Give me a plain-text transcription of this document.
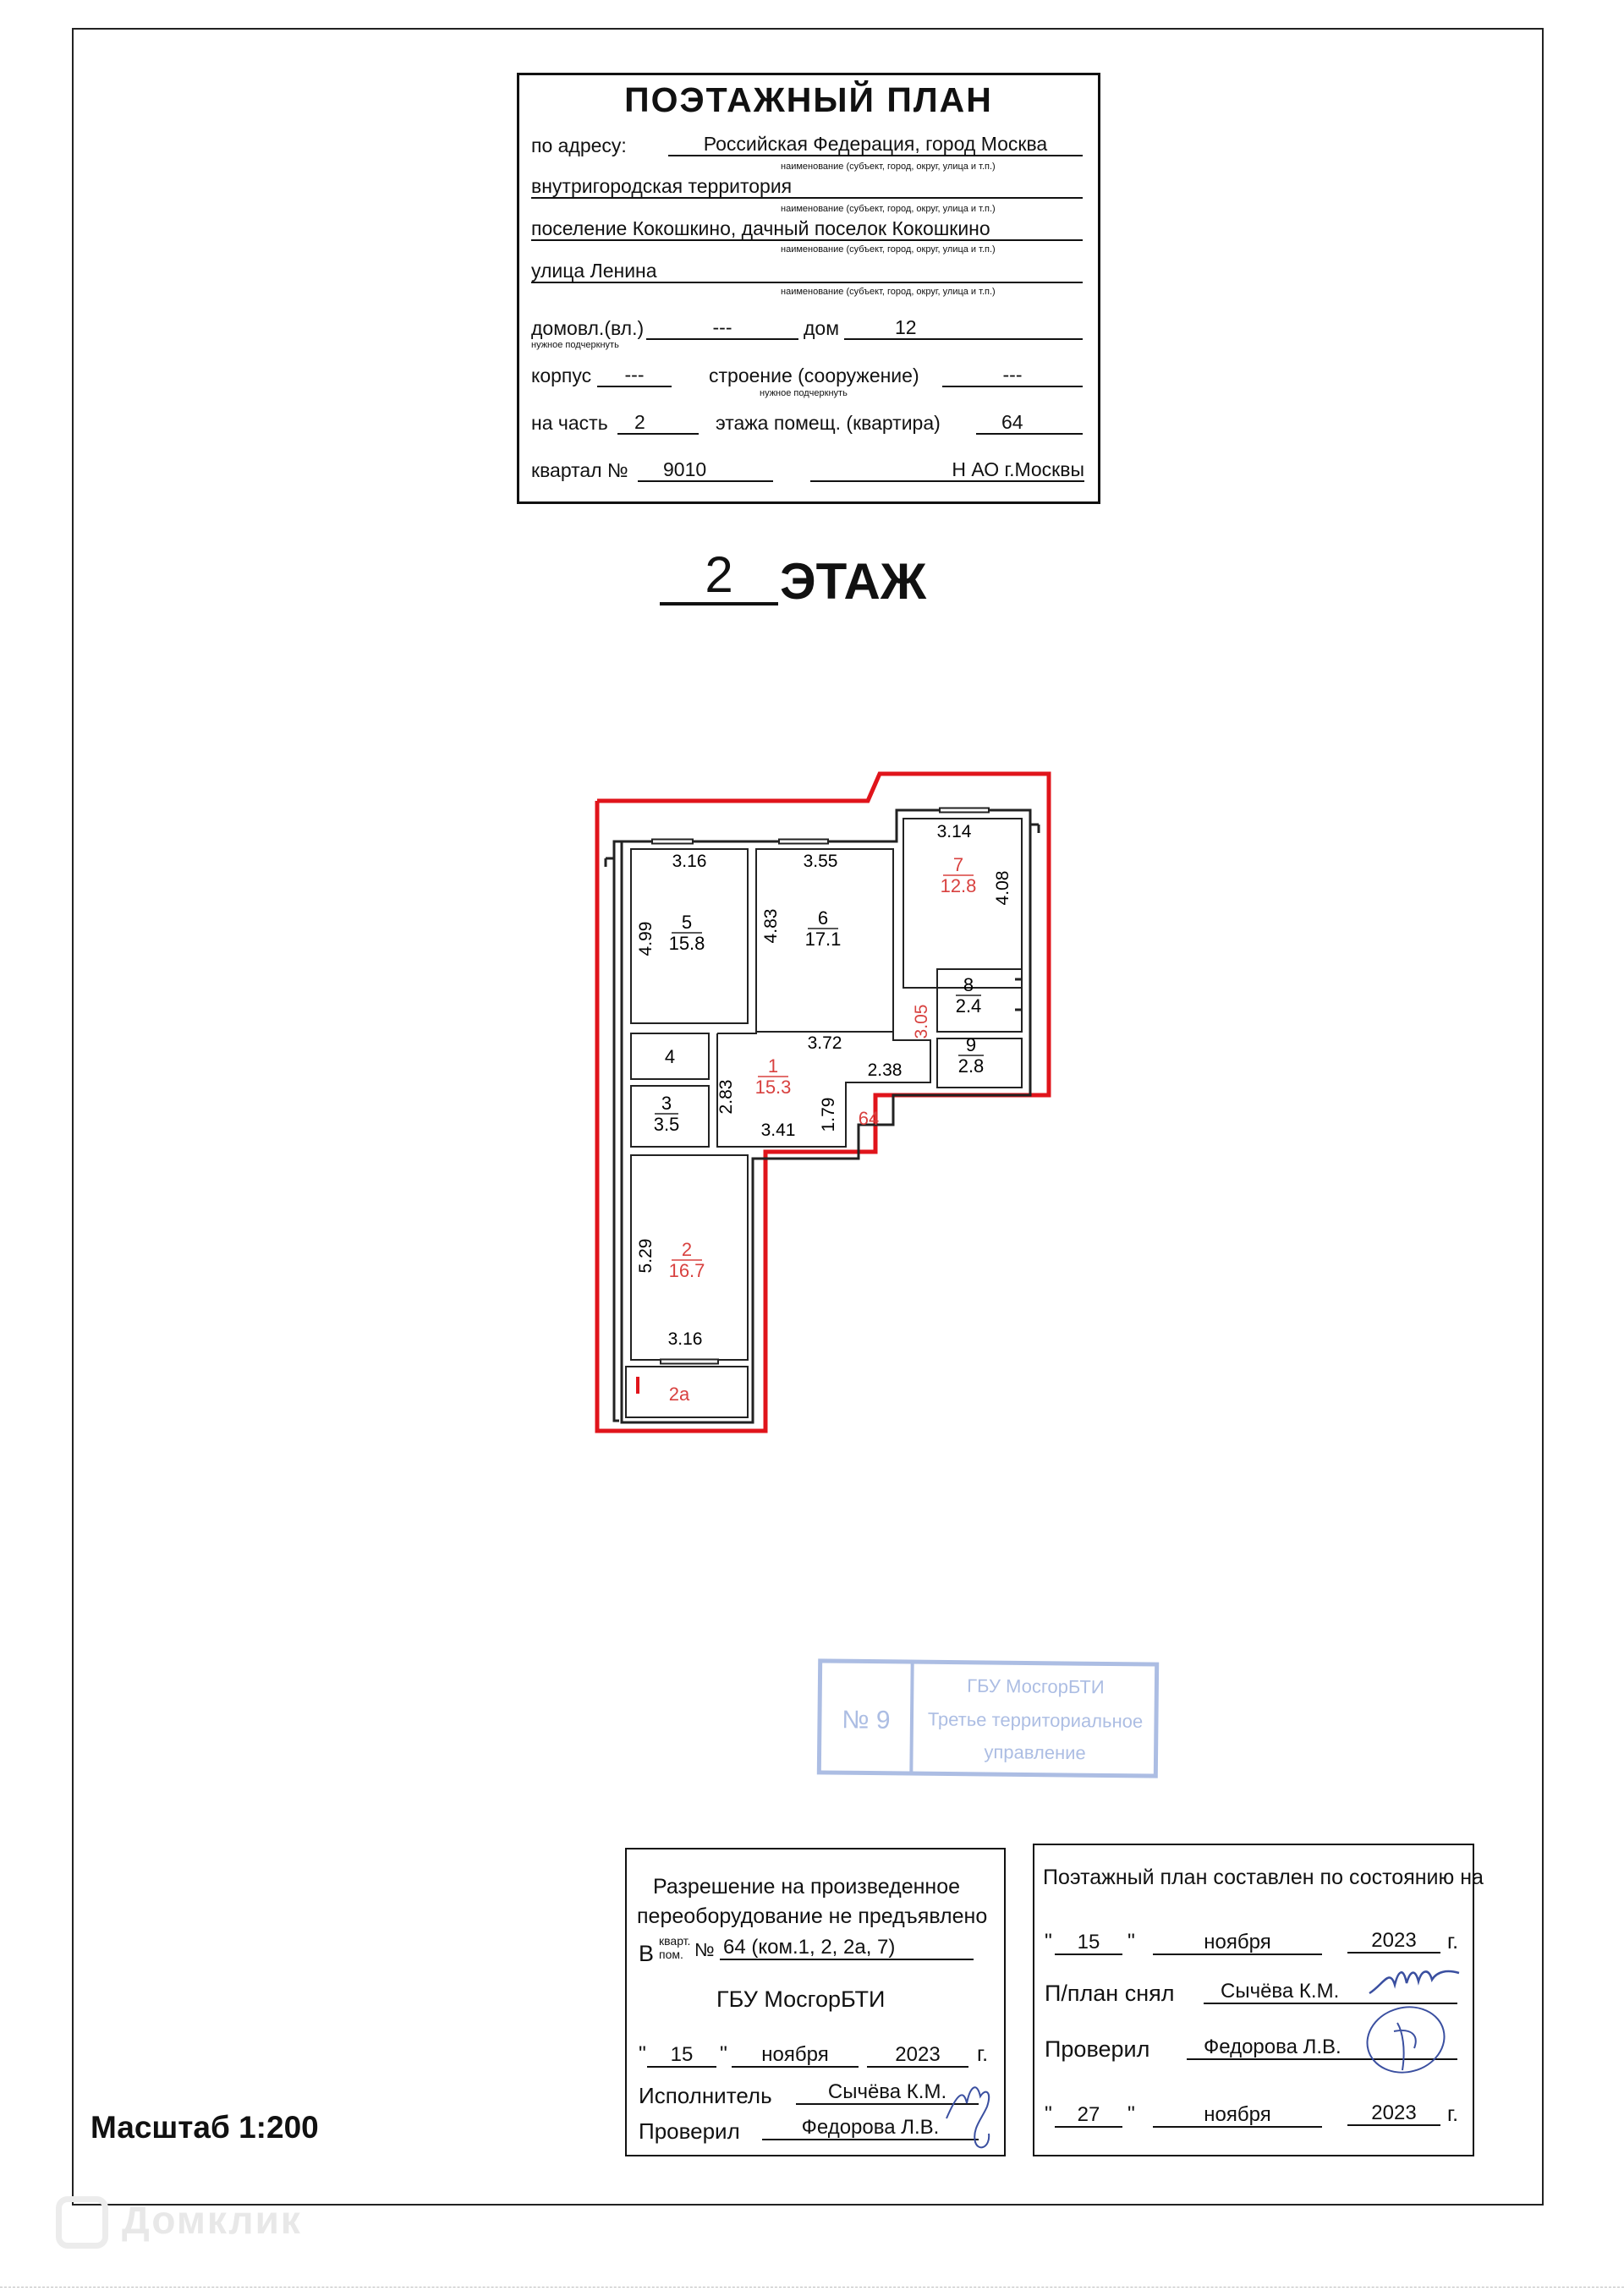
ПОЭТАЖНЫЙ ПЛАН
по адресу:	Российская Федерация, город Москва
наименование (субъект, город, округ, улица и т.п.)
внутригородская территория
наименование (субъект, город, округ, улица и т.п.)
поселение Кокошкино, дачный поселок Кокошкино
наименование (субъект, город, округ, улица и т.п.)
улица Ленина
наименование (субъект, город, округ, улица и т.п.)
домовл.(вл.)	---	дом	12
нужное подчеркнуть
корпус	---	строение (сооружение)	---
нужное подчеркнуть
на часть	2	этажа помещ. (квартира)	64
квартал №	9010	Н АО г.Москвы
2 ЭТАЖ
3.16	3.55
3.14
4.99	4.83
4.08
3.72
3.05
2.38
2.83
1.79
3.41
5.29
3.16
5
15.8
6
17.1
7
12.8
8
2.4
9
2.8
4
3
3.5
1
15.3
2
16.7
2а
64
№ 9
ГБУ МосгорБТИ
Третье территориальное
управление
Разрешение на произведенное
переоборудование не предъявлено
В кварт.
пом. № 64 (ком.1, 2, 2а, 7)
ГБУ МосгорБТИ
"	15	"	ноября	2023	г.
Исполнитель	Сычёва К.М.
Проверил	Федорова Л.В.
Поэтажный план составлен по состоянию на
"	15	"	ноября	2023	г.
П/план снял	Сычёва К.М.
Проверил	Федорова Л.В.
"	27	"	ноября	2023	г.
Масштаб 1:200
Домклик
